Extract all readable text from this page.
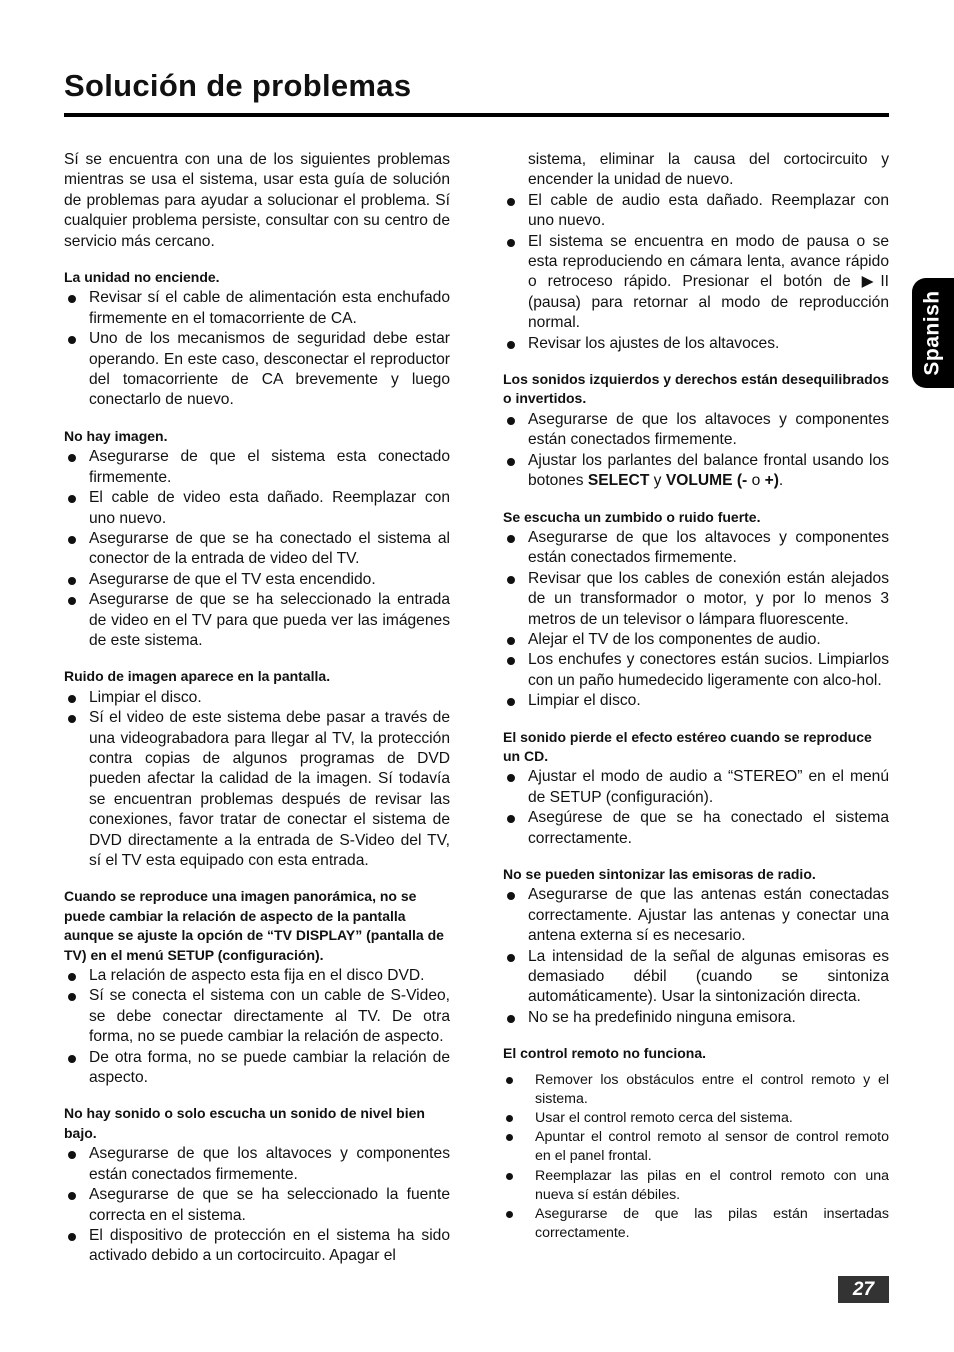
Solución de problemas
Spanish

Sí se encuentra con una de los siguientes problemas mientras se usa el sistema, usar esta guía de solución de problemas para ayudar a solucionar el problema. Sí cualquier problema persiste, consultar con su centro de servicio más cercano.

La unidad no enciende.

Revisar sí el cable de alimentación esta enchufado firmemente en el tomacorriente de CA.
Uno de los mecanismos de seguridad debe estar operando. En este caso, desconectar el reproductor del tomacorriente de CA brevemente y luego conectarlo de nuevo.

No hay imagen.

Asegurarse de que el sistema esta conectado firmemente.
El cable de video esta dañado. Reemplazar con uno nuevo.
Asegurarse de que se ha conectado el sistema al conector de la entrada de video del TV.
Asegurarse de que el TV esta encendido.
Asegurarse de que se ha seleccionado la entrada de video en el TV para que pueda ver las imágenes de este sistema.

Ruido de imagen aparece en la pantalla.

Limpiar el disco.
Sí el video de este sistema debe pasar a través de una videograbadora para llegar al TV, la protección contra copias de algunos programas de DVD pueden afectar la calidad de la imagen. Sí todavía se encuentran problemas después de revisar las conexiones, favor tratar de conectar el sistema de DVD directamente a la entrada de S-Video del TV, sí el TV esta equipado con esta entrada.

Cuando se reproduce una imagen panorámica, no se puede cambiar la relación de aspecto de la pantalla aunque se ajuste la opción de “TV DISPLAY” (pantalla de TV) en el menú SETUP (configuración).

La relación de aspecto esta fija en el disco DVD.
Sí se conecta el sistema con un cable de S-Video, se debe conectar directamente al TV. De otra forma, no se puede cambiar la relación de aspecto.
De otra forma, no se puede cambiar la relación de aspecto.

No hay sonido o solo escucha un sonido de nivel bien bajo.

Asegurarse de que los altavoces y componentes están conectados firmemente.
Asegurarse de que se ha seleccionado la fuente correcta en el sistema.
El dispositivo de protección en el sistema ha sido activado debido a un cortocircuito. Apagar el
sistema, eliminar la causa del cortocircuito y encender la unidad de nuevo.
El cable de audio esta dañado. Reemplazar con uno nuevo.
El sistema se encuentra en modo de pausa o se esta reproduciendo en cámara lenta, avance rápido o retroceso rápido. Presionar el botón de ▶II (pausa) para retornar al modo de reproducción normal.
Revisar los ajustes de los altavoces.

Los sonidos izquierdos y derechos están desequilibrados o invertidos.

Asegurarse de que los altavoces y componentes están conectados firmemente.
Ajustar los parlantes del balance frontal usando los botones SELECT y VOLUME (- o +).

Se escucha un zumbido o ruido fuerte.

Asegurarse de que los altavoces y componentes están conectados firmemente.
Revisar que los cables de conexión están alejados de un transformador o motor, y por lo menos 3 metros de un televisor o lámpara fluorescente.
Alejar el TV de los componentes de audio.
Los enchufes y conectores están sucios. Limpiarlos con un paño humedecido ligeramente con alco-hol.
Limpiar el disco.

El sonido pierde el efecto estéreo cuando se reproduce un CD.

Ajustar el modo de audio a “STEREO” en el menú de SETUP (configuración).
Asegúrese de que se ha conectado el sistema correctamente.

No se pueden sintonizar las emisoras de radio.

Asegurarse de que las antenas están conectadas correctamente. Ajustar las antenas y conectar una antena externa sí es necesario.
La intensidad de la señal de algunas emisoras es demasiado débil (cuando se sintoniza automáticamente). Usar la sintonización directa.
No se ha predefinido ninguna emisora.

El control remoto no funciona.

Remover los obstáculos entre el control remoto y el sistema.
Usar el control remoto cerca del sistema.
Apuntar el control remoto al sensor de control remoto en el panel frontal.
Reemplazar las pilas en el control remoto con una nueva sí están débiles.
Asegurarse de que las pilas están insertadas correctamente.
27
